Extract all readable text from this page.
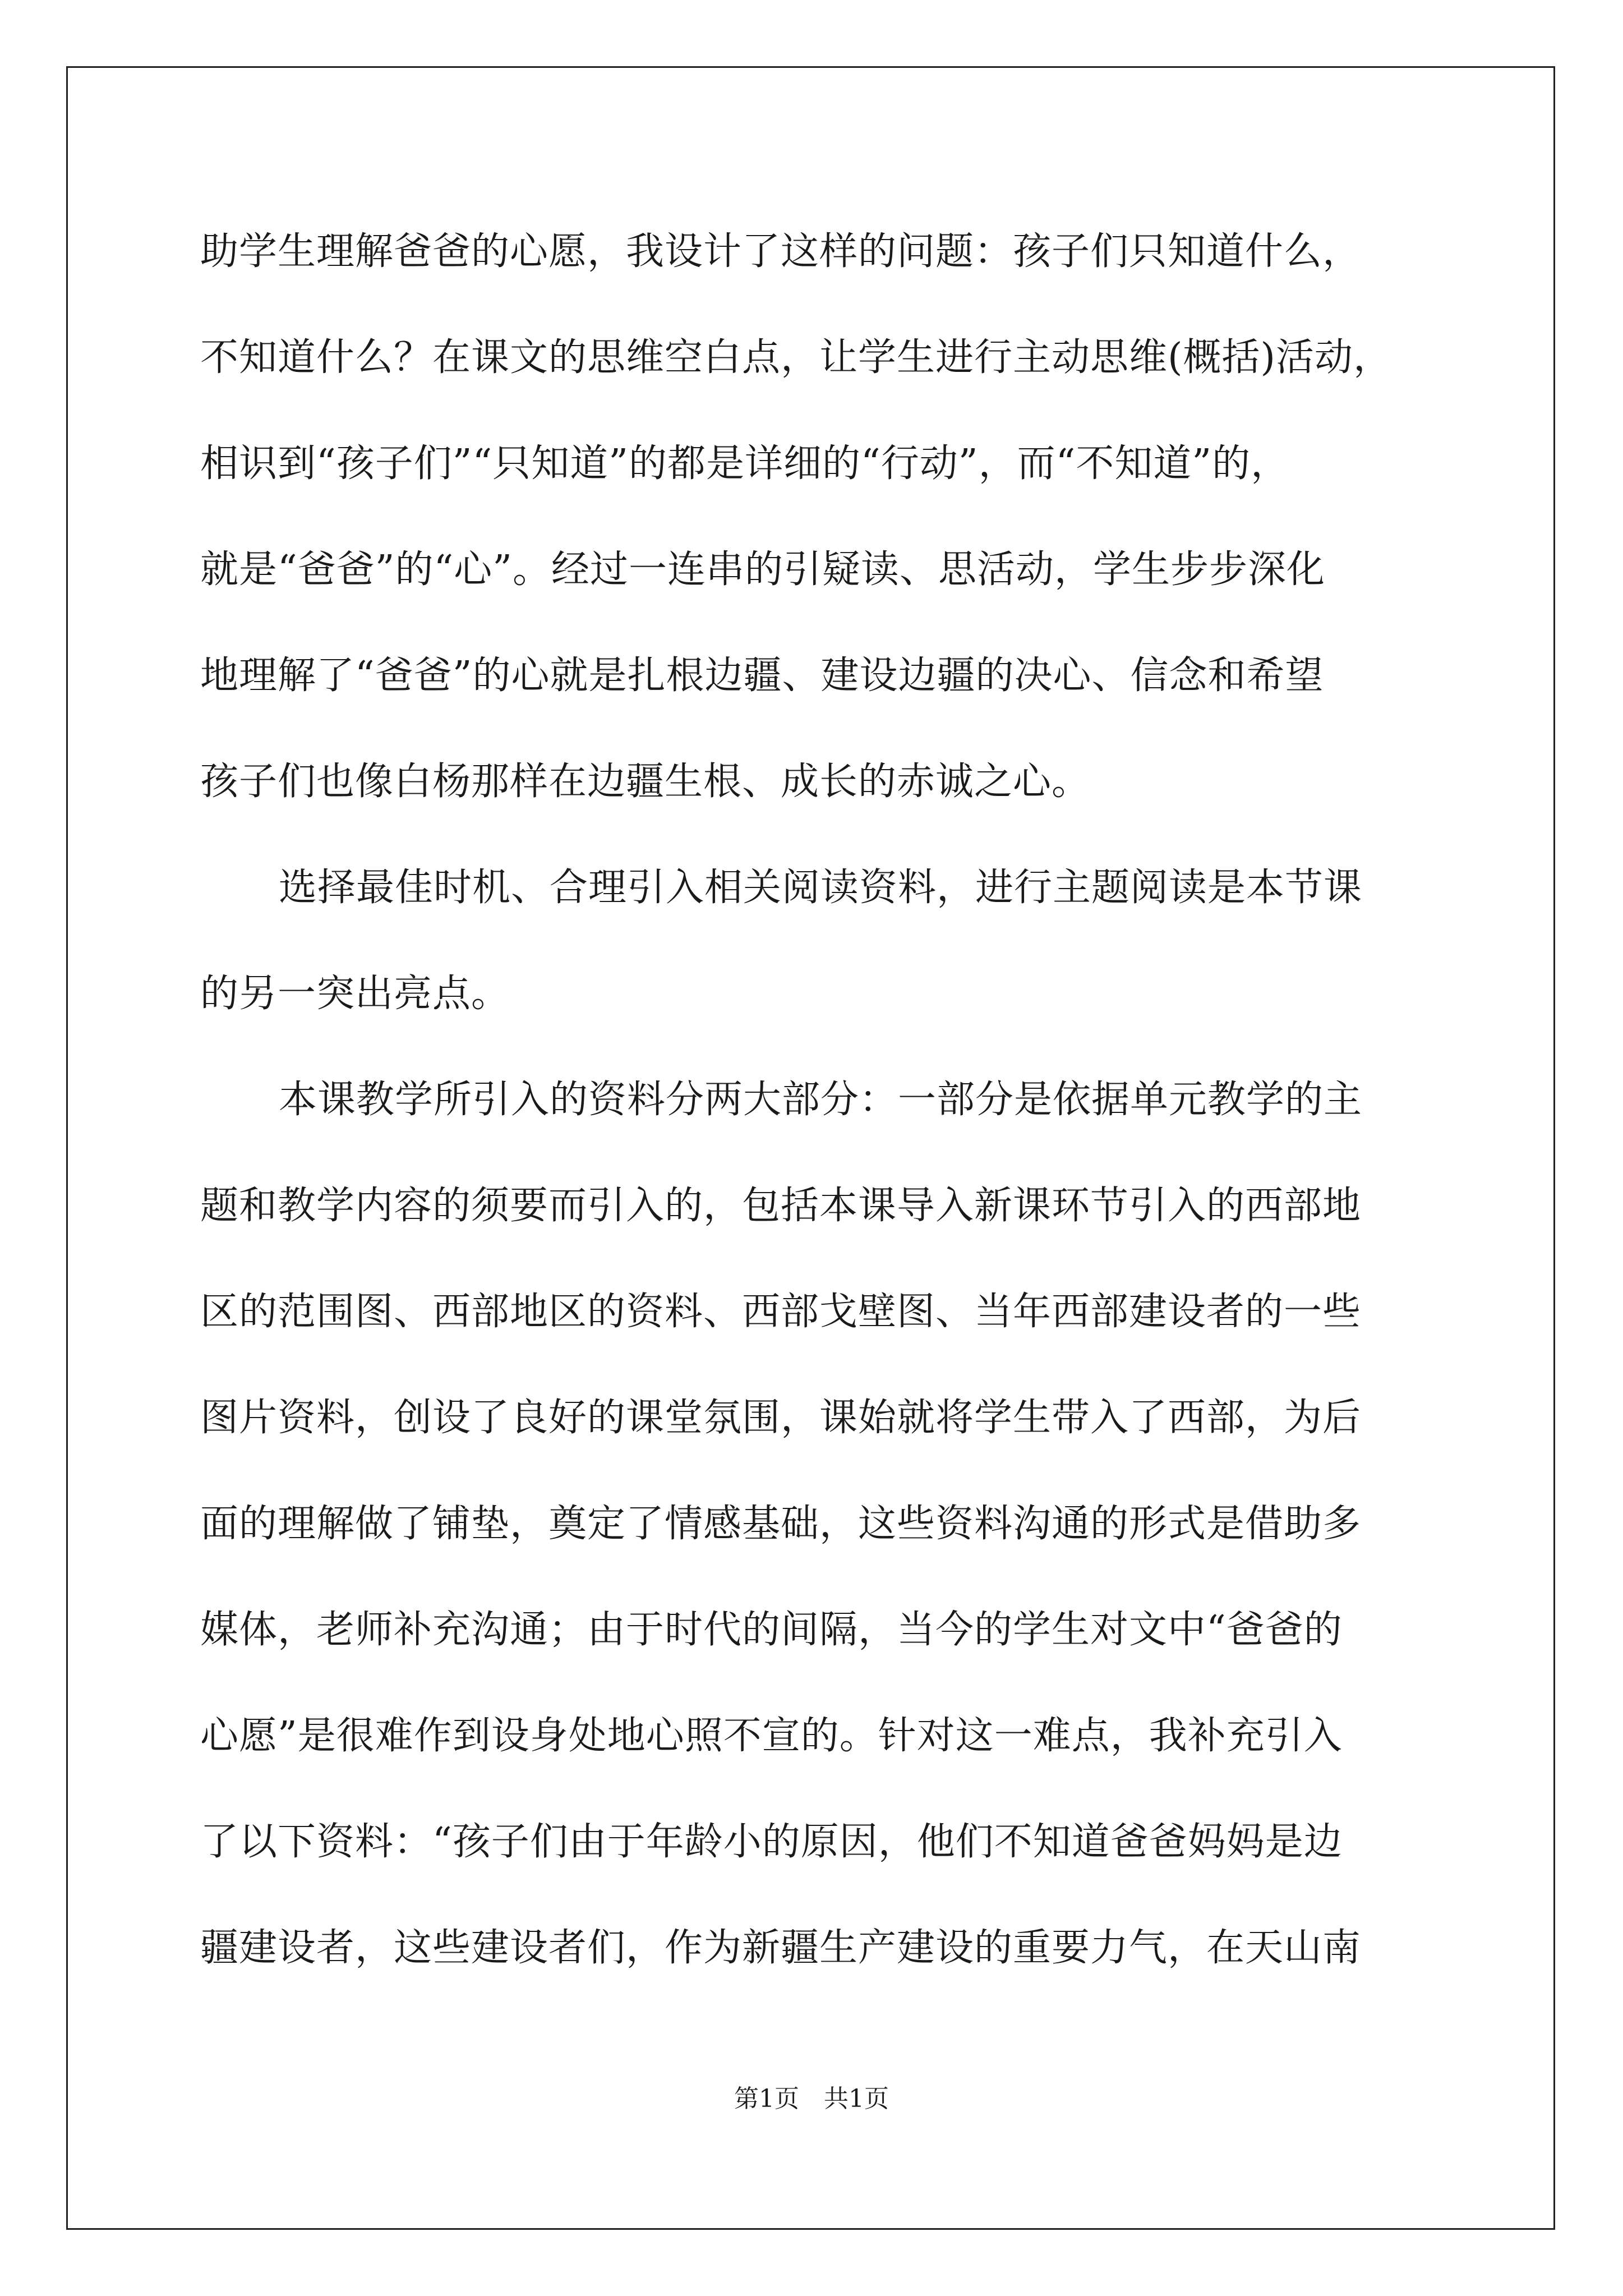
助学生理解爸爸的心愿，我设计了这样的问题：孩子们只知道什么，
不知道什么？在课文的思维空白点，让学生进行主动思维(概括)活动，
相识到“孩子们”“只知道”的都是详细的“行动”，而“不知道”的，
就是“爸爸”的“心”。经过一连串的引疑读、思活动，学生步步深化
地理解了“爸爸”的心就是扎根边疆、建设边疆的决心、信念和希望
孩子们也像白杨那样在边疆生根、成长的赤诚之心。
选择最佳时机、合理引入相关阅读资料，进行主题阅读是本节课
的另一突出亮点。
本课教学所引入的资料分两大部分：一部分是依据单元教学的主
题和教学内容的须要而引入的，包括本课导入新课环节引入的西部地
区的范围图、西部地区的资料、西部戈壁图、当年西部建设者的一些
图片资料，创设了良好的课堂氛围，课始就将学生带入了西部，为后
面的理解做了铺垫，奠定了情感基础，这些资料沟通的形式是借助多
媒体，老师补充沟通；由于时代的间隔，当今的学生对文中“爸爸的
心愿”是很难作到设身处地心照不宣的。针对这一难点，我补充引入
了以下资料：“孩子们由于年龄小的原因，他们不知道爸爸妈妈是边
疆建设者，这些建设者们，作为新疆生产建设的重要力气，在天山南
第1页　共1页
